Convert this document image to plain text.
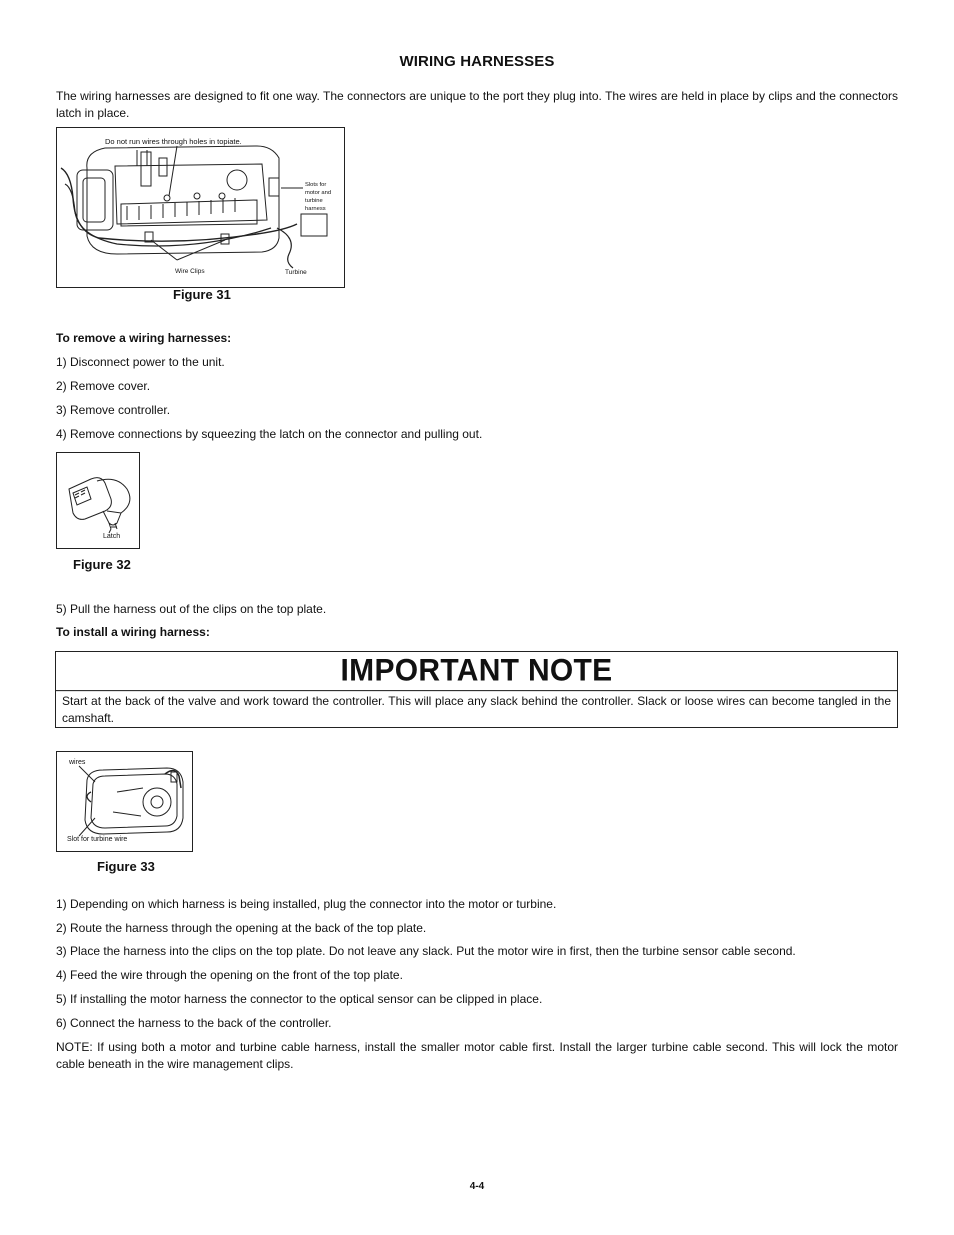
WIRING HARNESSES
The wiring harnesses are designed to fit one way. The connectors are unique to the port they plug into. The wires are held in place by clips and the connectors latch in place.
Do not run wires through holes in topiate.
Slots for
motor and
turbine
harness
Wire Clips	Turbine
Figure 31
To remove a wiring harnesses:
1) Disconnect power to the unit.
2) Remove cover.
3) Remove controller.
4) Remove connections by squeezing the latch on the connector and pulling out.
Latch
Figure 32
5) Pull the harness out of the clips on the top plate.
To install a wiring harness:
IMPORTANT NOTE
Start at the back of the valve and work toward the controller. This will place any slack behind the controller. Slack or loose wires can become tangled in the camshaft.
wires
Slot for turbine wire
Figure 33
1) Depending on which harness is being installed, plug the connector into the motor or turbine.
2) Route the harness through the opening at the back of the top plate.
3) Place the harness into the clips on the top plate. Do not leave any slack. Put the motor wire in first, then the turbine sensor cable second.
4) Feed the wire through the opening on the front of the top plate.
5) If installing the motor harness the connector to the optical sensor can be clipped in place.
6) Connect the harness to the back of the controller.
NOTE: If using both a motor and turbine cable harness, install the smaller motor cable first. Install the larger turbine cable second. This will lock the motor cable beneath in the wire management clips.
4-4
